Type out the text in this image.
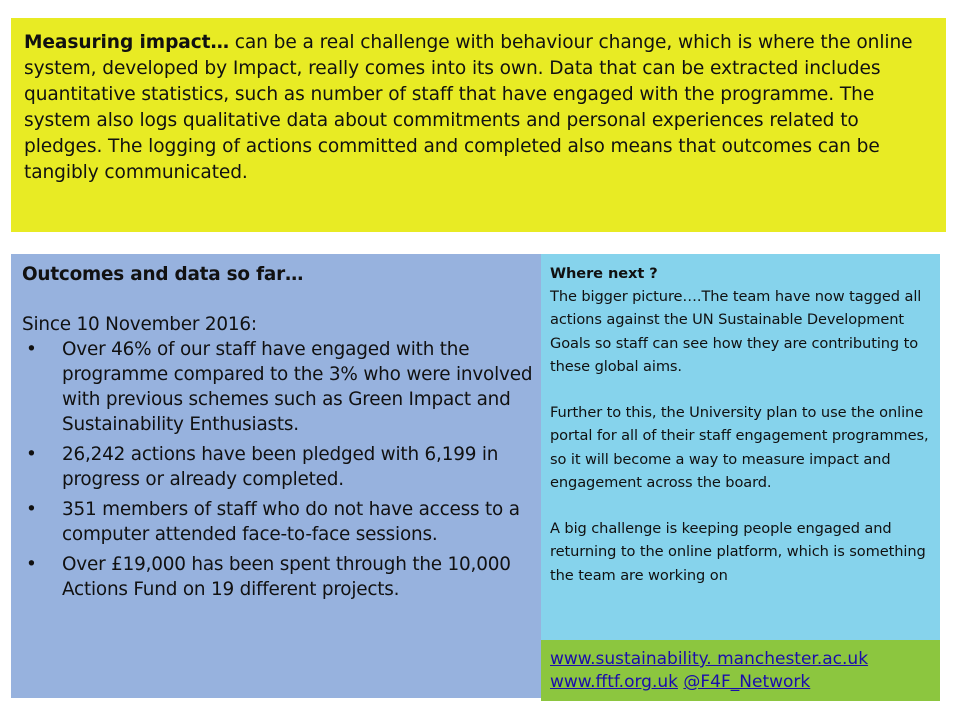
Measuring impact… can be a real challenge with behaviour change, which is where the online system, developed by Impact, really comes into its own. Data that can be extracted includes quantitative statistics, such as number of staff that have engaged with the programme. The system also logs qualitative data about commitments and personal experiences related to pledges. The logging of actions committed and completed also means that outcomes can be tangibly communicated.
Outcomes and data so far…
Since 10 November 2016:
• Over 46% of our staff have engaged with the programme compared to the 3% who were involved with previous schemes such as Green Impact and Sustainability Enthusiasts.
• 26,242 actions have been pledged with 6,199 in progress or already completed.
• 351 members of staff who do not have access to a computer attended face-to-face sessions.
• Over £19,000 has been spent through the 10,000 Actions Fund on 19 different projects.
Where next ?

The bigger picture….The team have now tagged all actions against the UN Sustainable Development Goals so staff can see how they are contributing to these global aims.

Further to this, the University plan to use the online portal for all of their staff engagement programmes, so it will become a way to measure impact and engagement across the board.

A big challenge is keeping people engaged and returning to the online platform, which is something the team are working on

www.sustainability. manchester.ac.uk
www.fftf.org.uk @F4F_Network
